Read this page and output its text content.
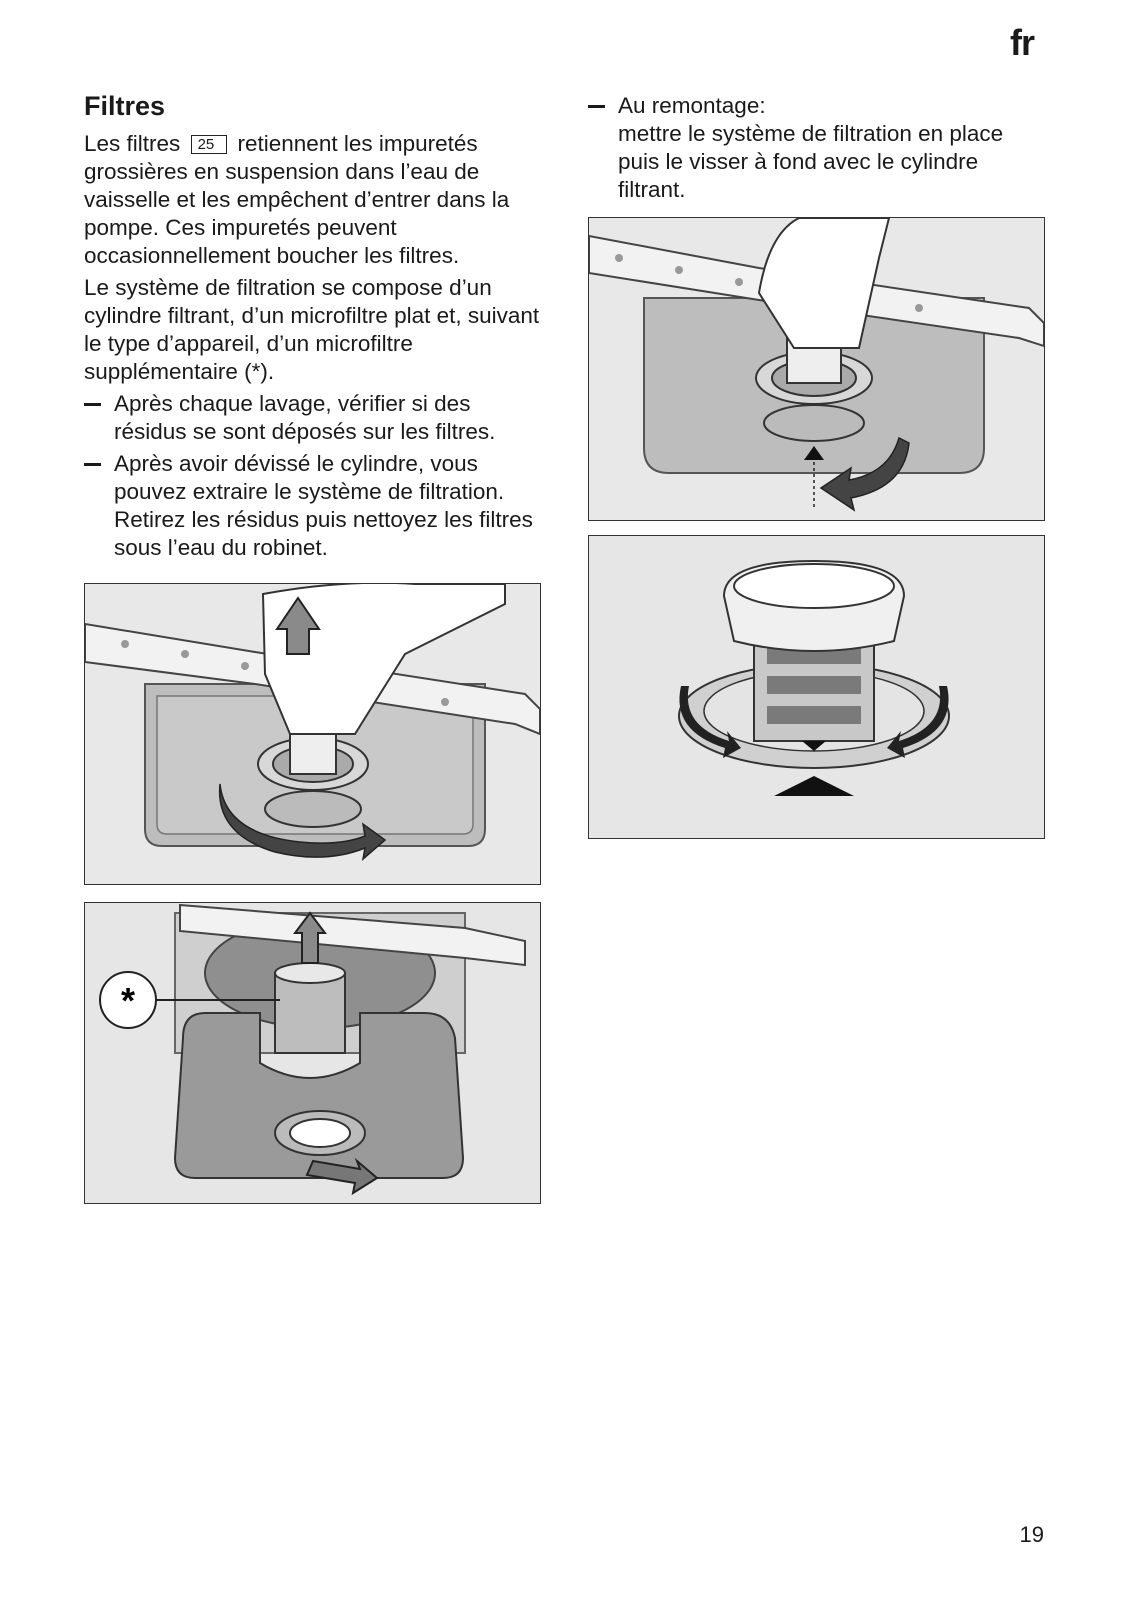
fr
Filtres

Les filtres 25 retiennent les impuretés grossières en suspension dans l’eau de vaisselle et les empêchent d’entrer dans la pompe. Ces impuretés peuvent occasionnellement boucher les filtres.

Le système de filtration se compose d’un cylindre filtrant, d’un microfiltre plat et, suivant le type d’appareil, d’un microfiltre supplémentaire (*).

Après chaque lavage, vérifier si des résidus se sont déposés sur les filtres.
Après avoir dévissé le cylindre, vous pouvez extraire le système de filtration. Retirez les résidus puis nettoyez les filtres sous l’eau du robinet.
Au remontage:
mettre le système de filtration en place puis le visser à fond avec le cylindre filtrant.
*
19
